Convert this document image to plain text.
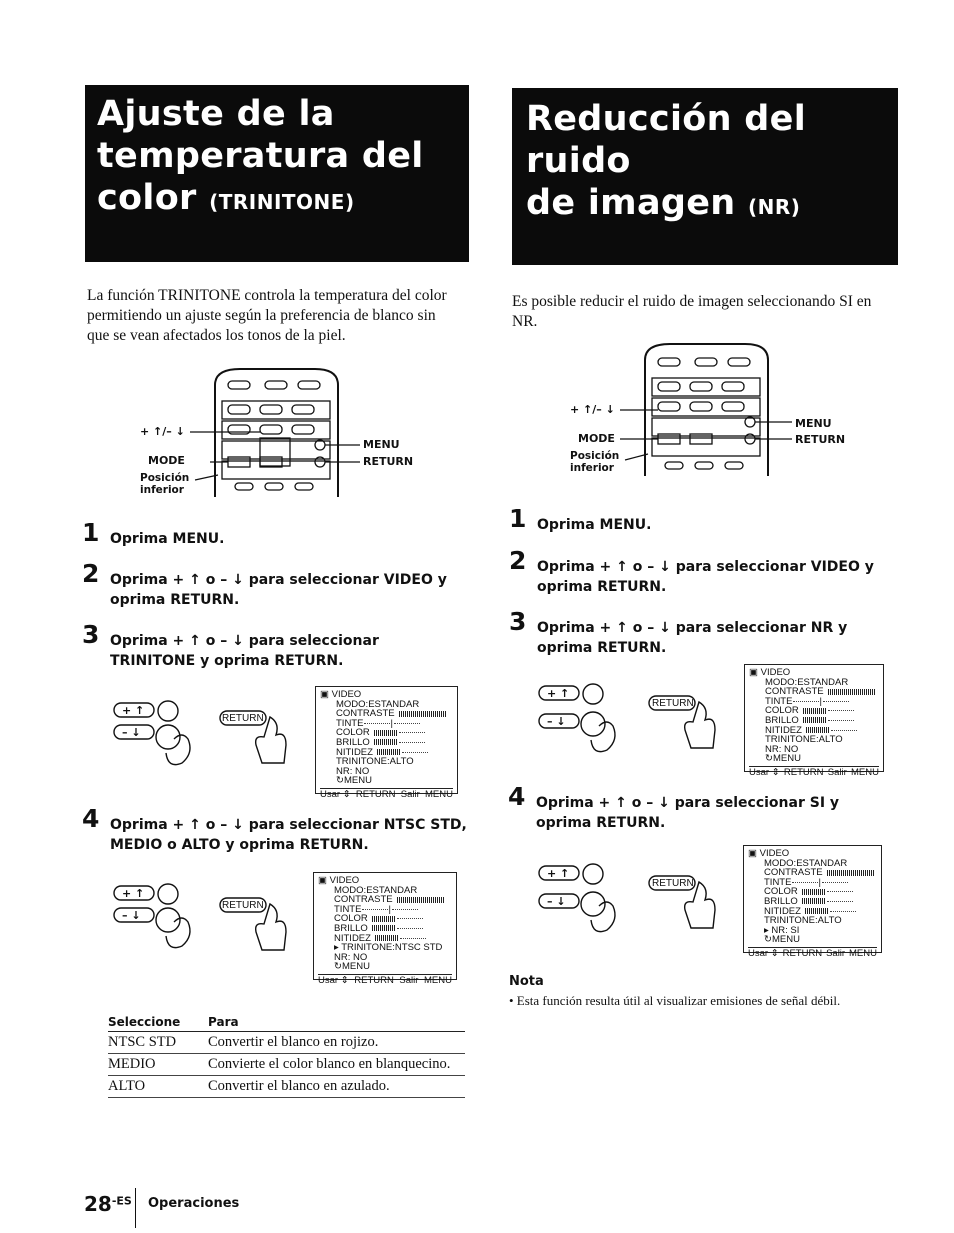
Ajuste de la
temperatura del
color (TRINITONE)
Reducción del ruido
de imagen (NR)
La función TRINITONE controla la temperatura del color permitiendo un ajuste según la preferencia de blanco sin que se vean afectados los tonos de la piel.
Es posible reducir el ruido de imagen seleccionando SI en NR.
+ ↑/– ↓
MODE
Posición
inferior
MENU
RETURN
1 Oprima MENU.
2 Oprima + ↑ o – ↓ para seleccionar VIDEO y oprima RETURN.
3 Oprima + ↑ o – ↓ para seleccionar TRINITONE y oprima RETURN.
+ ↑
– ↓
RETURN
▣ VIDEO
MODO:ESTANDAR
CONTRASTE
TINTE	|
COLOR
BRILLO
NITIDEZ
TRINITONE:ALTO
NR: NO
↻MENU
Usar ⇕ RETURN Salir MENU
4 Oprima + ↑ o – ↓ para seleccionar NTSC STD, MEDIO o ALTO y oprima RETURN.
+ ↑
– ↓
RETURN
▣ VIDEO
MODO:ESTANDAR
CONTRASTE
TINTE	|
COLOR
BRILLO
NITIDEZ
▸ TRINITONE:NTSC STD
NR: NO
↻MENU
Usar ⇕ RETURN Salir MENU
Seleccione	Para
NTSC STD	Convertir el blanco en rojizo.
MEDIO	Convierte el color blanco en blanquecino.
ALTO	Convertir el blanco en azulado.
+ ↑/– ↓
MODE
Posición
inferior
MENU
RETURN
1 Oprima MENU.
2 Oprima + ↑ o – ↓ para seleccionar VIDEO y oprima RETURN.
3 Oprima + ↑ o – ↓ para seleccionar NR y oprima RETURN.
+ ↑
– ↓
RETURN
▣ VIDEO
MODO:ESTANDAR
CONTRASTE
TINTE	|
COLOR
BRILLO
NITIDEZ
TRINITONE:ALTO
NR: NO
↻MENU
Usar ⇕ RETURN Salir MENU
4 Oprima + ↑ o – ↓ para seleccionar SI y oprima RETURN.
+ ↑
– ↓
RETURN
▣ VIDEO
MODO:ESTANDAR
CONTRASTE
TINTE	|
COLOR
BRILLO
NITIDEZ
TRINITONE:ALTO
▸ NR: SI
↻MENU
Usar ⇕ RETURN Salir MENU
Nota
• Esta función resulta útil al visualizar emisiones de señal débil.
$28^{-ES}$ Operaciones
